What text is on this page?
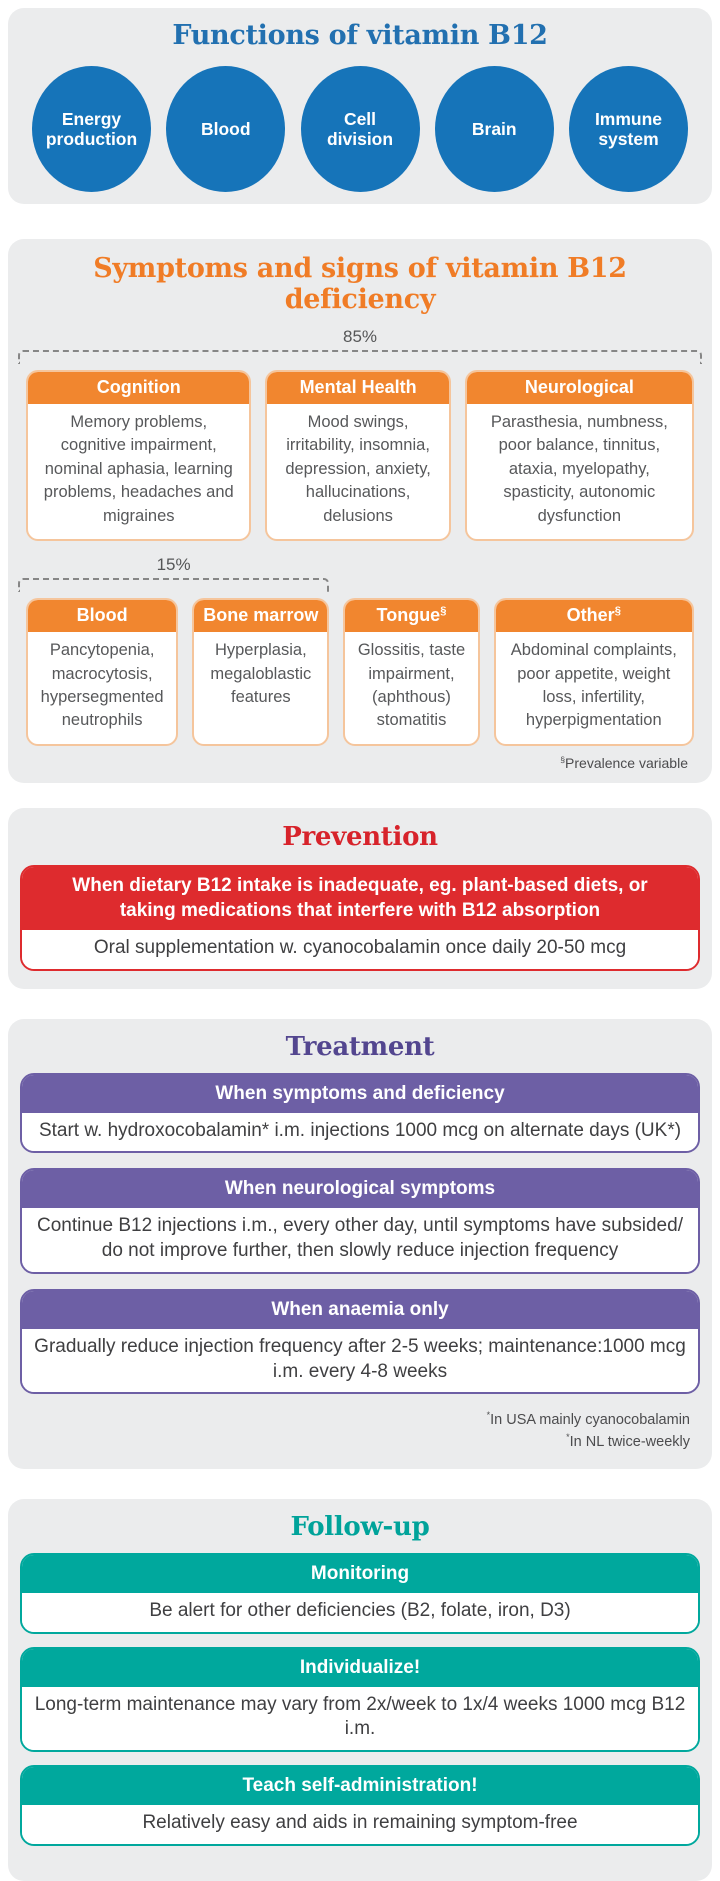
Functions of vitamin B12
Energy production
Blood
Cell division
Brain
Immune system
Symptoms and signs of vitamin B12 deficiency
85%
Cognition
Memory problems, cognitive impairment, nominal aphasia, learning problems, headaches and migraines
Mental Health
Mood swings, irritability, insomnia, depression, anxiety, hallucinations, delusions
Neurological
Parasthesia, numbness, poor balance, tinnitus, ataxia, myelopathy, spasticity, autonomic dysfunction
15%
Blood
Pancytopenia, macrocytosis, hypersegmented neutrophils
Bone marrow
Hyperplasia, megaloblastic features
Tongue§
Glossitis, taste impairment, (aphthous) stomatitis
Other§
Abdominal complaints, poor appetite, weight loss, infertility, hyperpigmentation
§Prevalence variable
Prevention
When dietary B12 intake is inadequate, eg. plant-based diets, or taking medications that interfere with B12 absorption
Oral supplementation w. cyanocobalamin once daily 20-50 mcg
Treatment
When symptoms and deficiency
Start w. hydroxocobalamin* i.m. injections 1000 mcg on alternate days (UK*)
When neurological symptoms
Continue B12 injections i.m., every other day, until symptoms have subsided/ do not improve further, then slowly reduce injection frequency
When anaemia only
Gradually reduce injection frequency after 2-5 weeks; maintenance:1000 mcg i.m. every 4-8 weeks
*In USA mainly cyanocobalamin
*In NL twice-weekly
Follow-up
Monitoring
Be alert for other deficiencies (B2, folate, iron, D3)
Individualize!
Long-term maintenance may vary from 2x/week to 1x/4 weeks 1000 mcg B12 i.m.
Teach self-administration!
Relatively easy and aids in remaining symptom-free
